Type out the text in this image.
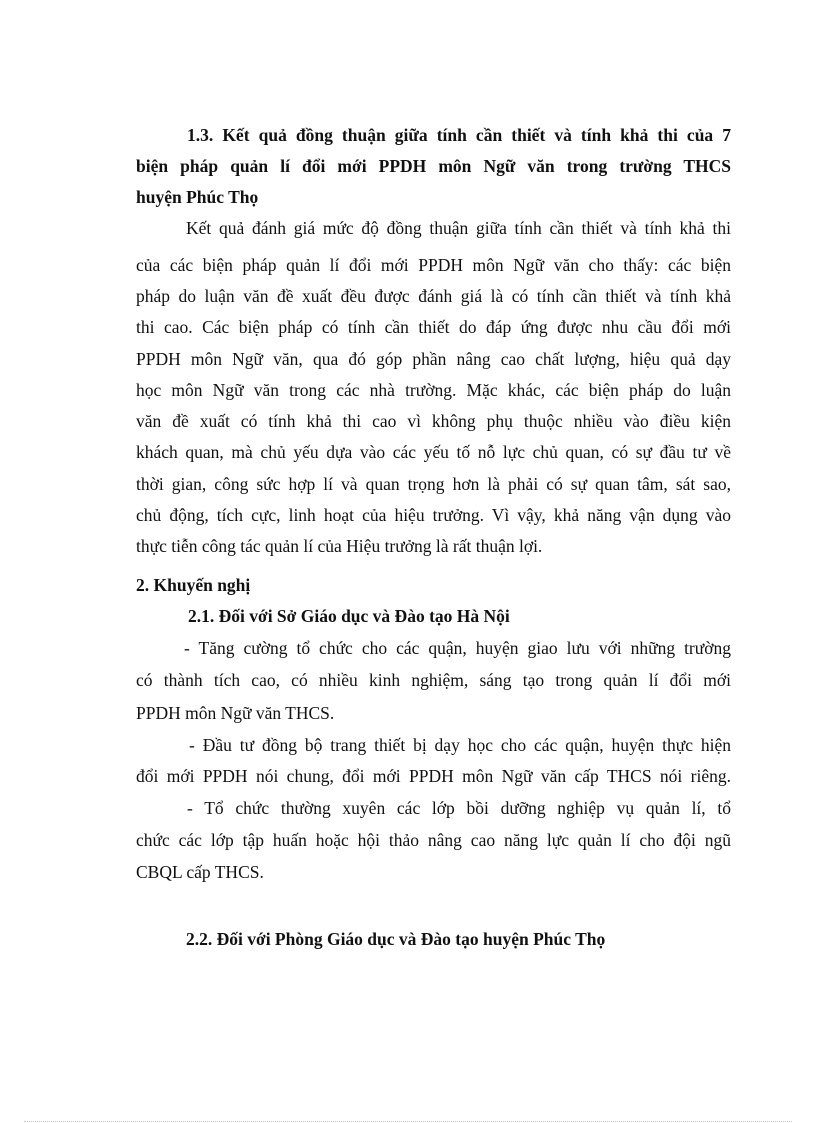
1.3. Kết quả đồng thuận giữa tính cần thiết và tính khả thi của 7
biện pháp quản lí đổi mới PPDH môn Ngữ văn trong trường THCS
huyện Phúc Thọ
Kết quả đánh giá mức độ đồng thuận giữa tính cần thiết và tính khả thi
của các biện pháp quản lí đổi mới PPDH môn Ngữ văn cho thấy: các biện
pháp do luận văn đề xuất đều được đánh giá là có tính cần thiết và tính khả
thi cao. Các biện pháp có tính cần thiết do đáp ứng được nhu cầu đổi mới
PPDH môn Ngữ văn, qua đó góp phần nâng cao chất lượng, hiệu quả dạy
học môn Ngữ văn trong các nhà trường. Mặc khác, các biện pháp do luận
văn đề xuất có tính khả thi cao vì không phụ thuộc nhiều vào điều kiện
khách quan, mà chủ yếu dựa vào các yếu tố nỗ lực chủ quan, có sự đầu tư về
thời gian, công sức hợp lí và quan trọng hơn là phải có sự quan tâm, sát sao,
chủ động, tích cực, linh hoạt của hiệu trưởng. Vì vậy, khả năng vận dụng vào
thực tiễn công tác quản lí của Hiệu trưởng là rất thuận lợi.
2. Khuyến nghị
2.1. Đối với Sở Giáo dục và Đào tạo Hà Nội
- Tăng cường tổ chức cho các quận, huyện giao lưu với những trường
có thành tích cao, có nhiều kinh nghiệm, sáng tạo trong quản lí đổi mới
PPDH môn Ngữ văn THCS.
- Đầu tư đồng bộ trang thiết bị dạy học cho các quận, huyện thực hiện
đổi mới PPDH nói chung, đổi mới PPDH môn Ngữ văn cấp THCS nói riêng.
- Tổ chức thường xuyên các lớp bồi dưỡng nghiệp vụ quản lí, tổ
chức các lớp tập huấn hoặc hội thảo nâng cao năng lực quản lí cho đội ngũ
CBQL cấp THCS.
2.2. Đối với Phòng Giáo dục và Đào tạo huyện Phúc Thọ
